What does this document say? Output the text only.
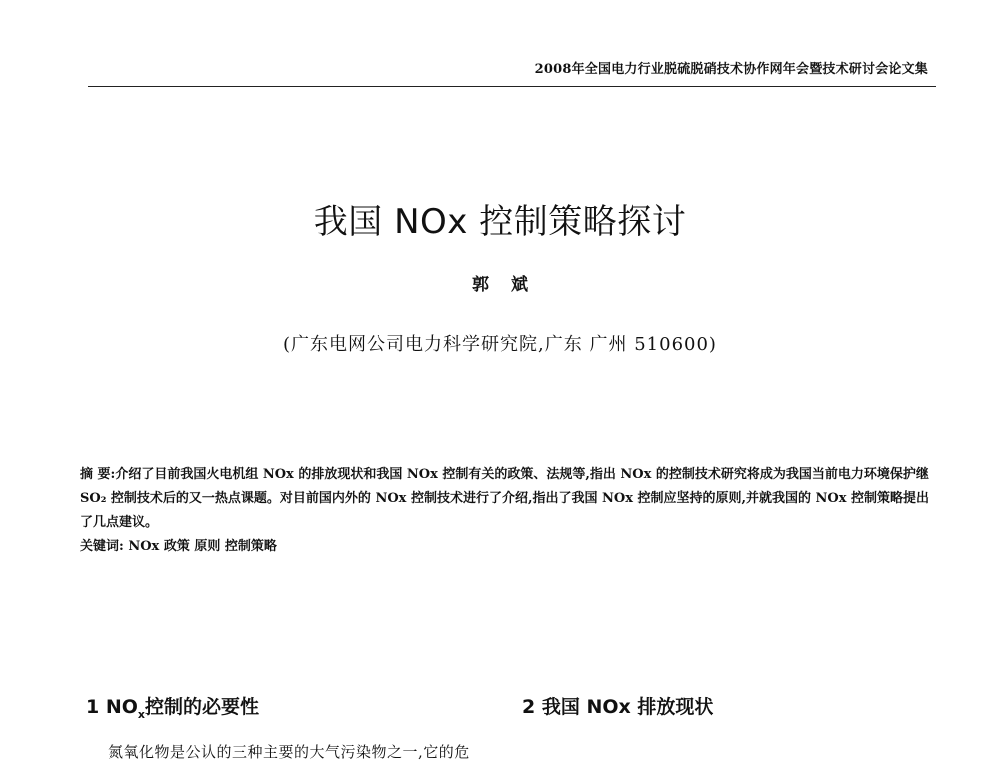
2008年全国电力行业脱硫脱硝技术协作网年会暨技术研讨会论文集
我国 NOx 控制策略探讨
郭斌
(广东电网公司电力科学研究院,广东 广州 510600)

摘 要:介绍了目前我国火电机组 NOx 的排放现状和我国 NOx 控制有关的政策、法规等,指出 NOx 的控制技术研究将成为我国当前电力环境保护继 SO₂ 控制技术后的又一热点课题。对目前国内外的 NOx 控制技术进行了介绍,指出了我国 NOx 控制应坚持的原则,并就我国的 NOx 控制策略提出了几点建议。

关键词: NOx 政策 原则 控制策略

1 $NO_x$控制的必要性	2 我国 NOx 排放现状
氮氧化物是公认的三种主要的大气污染物之一,它的危
